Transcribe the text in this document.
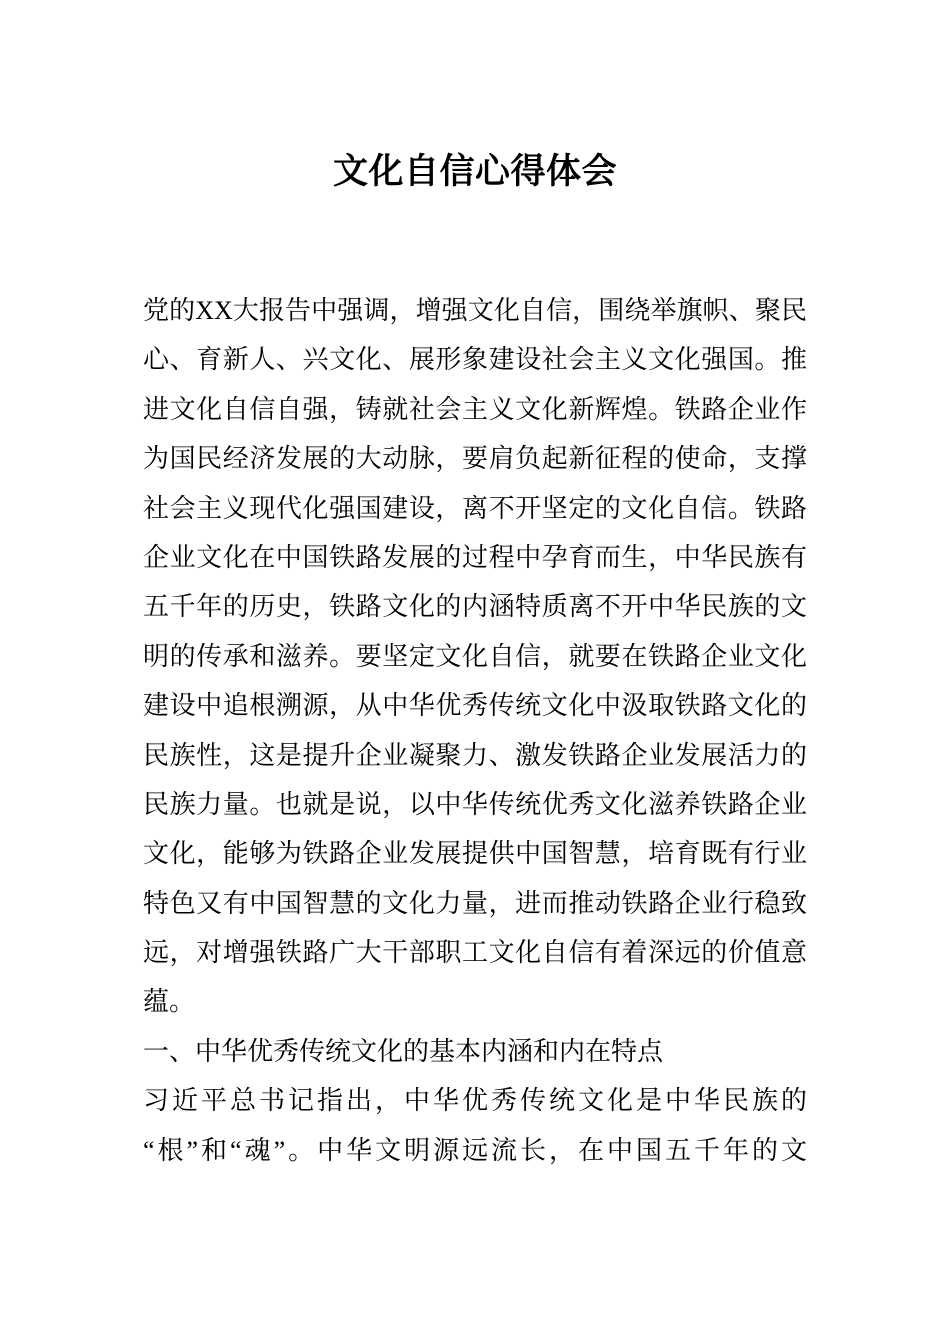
文化自信心得体会
党的XX大报告中强调，增强文化自信，围绕举旗帜、聚民
心、育新人、兴文化、展形象建设社会主义文化强国。推
进文化自信自强，铸就社会主义文化新辉煌。铁路企业作
为国民经济发展的大动脉，要肩负起新征程的使命，支撑
社会主义现代化强国建设，离不开坚定的文化自信。铁路
企业文化在中国铁路发展的过程中孕育而生，中华民族有
五千年的历史，铁路文化的内涵特质离不开中华民族的文
明的传承和滋养。要坚定文化自信，就要在铁路企业文化
建设中追根溯源，从中华优秀传统文化中汲取铁路文化的
民族性，这是提升企业凝聚力、激发铁路企业发展活力的
民族力量。也就是说，以中华传统优秀文化滋养铁路企业
文化，能够为铁路企业发展提供中国智慧，培育既有行业
特色又有中国智慧的文化力量，进而推动铁路企业行稳致
远，对增强铁路广大干部职工文化自信有着深远的价值意
蕴。
一、中华优秀传统文化的基本内涵和内在特点
习近平总书记指出，中华优秀传统文化是中华民族的
“根”和“魂”。中华文明源远流长，在中国五千年的文
